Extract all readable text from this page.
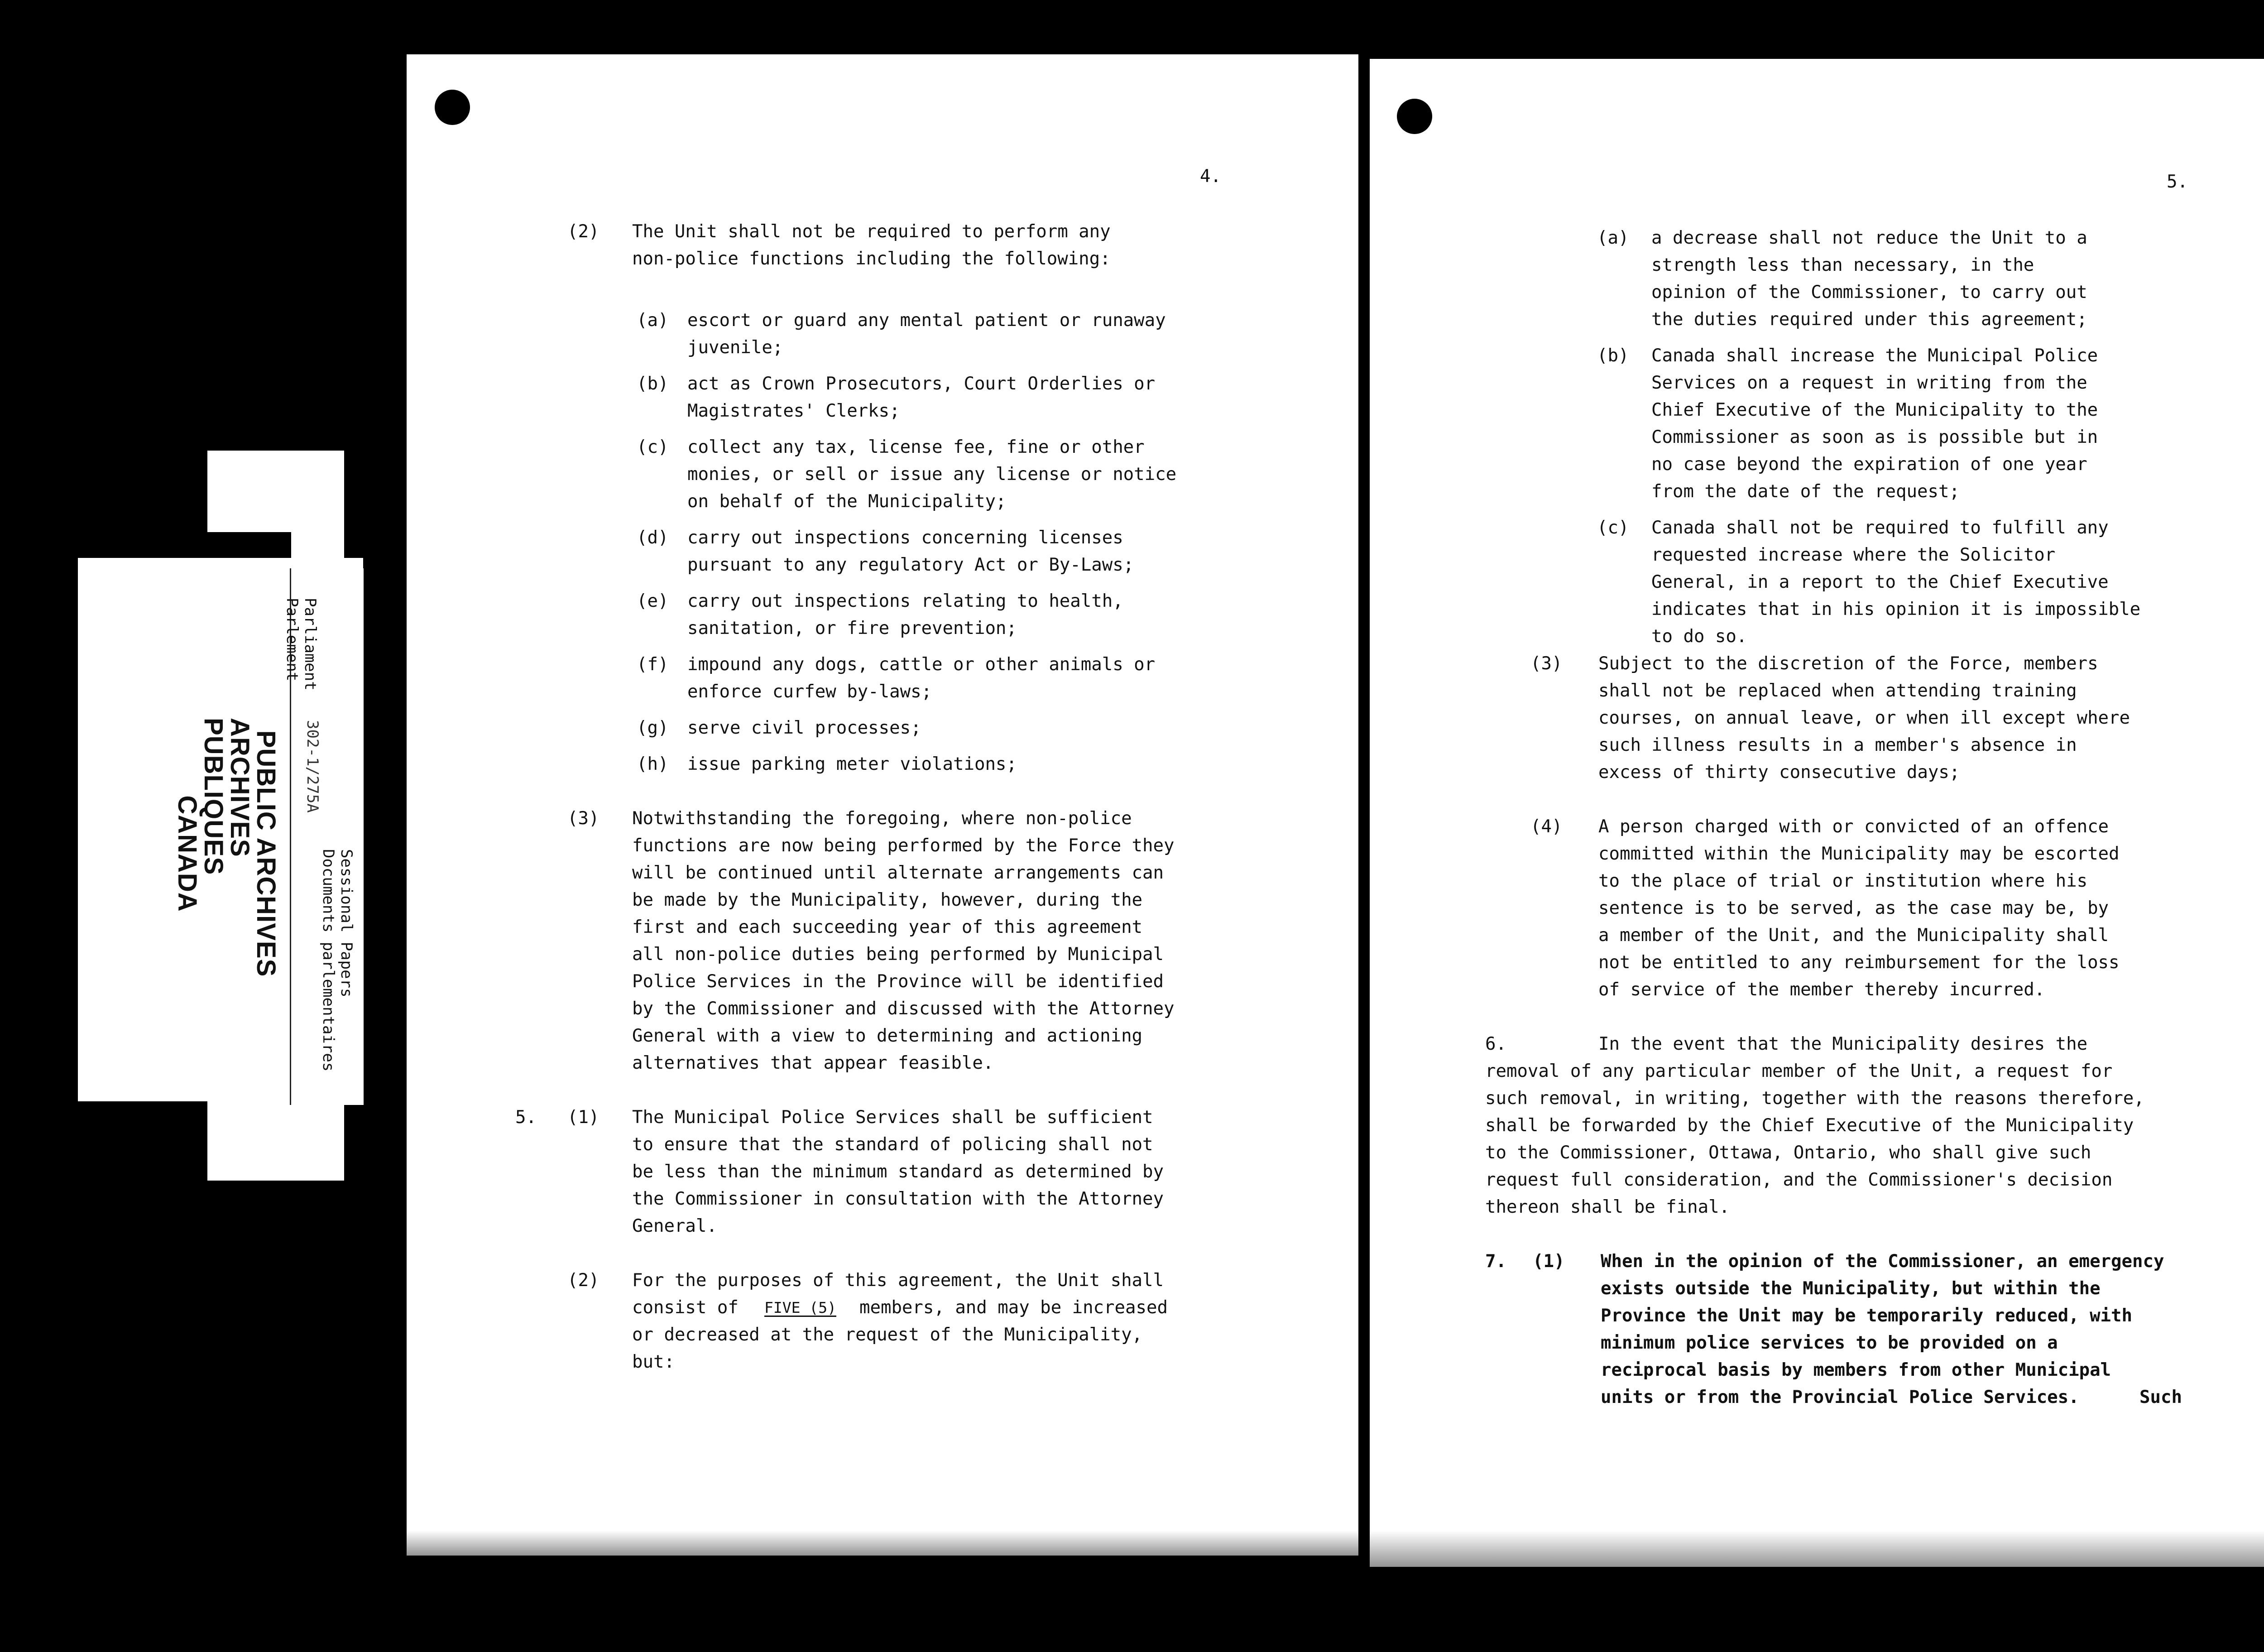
PUBLIC ARCHIVES
ARCHIVES PUBLIQUES
CANADA
Parliament
Parlement
302-1/275A
Sessional Papers
Documents parlementaires
4.
(2) The Unit shall not be required to perform any
non-police functions including the following:
(a) escort or guard any mental patient or runaway
juvenile;
(b) act as Crown Prosecutors, Court Orderlies or
Magistrates' Clerks;
(c) collect any tax, license fee, fine or other
monies, or sell or issue any license or notice
on behalf of the Municipality;
(d) carry out inspections concerning licenses
pursuant to any regulatory Act or By-Laws;
(e) carry out inspections relating to health,
sanitation, or fire prevention;
(f) impound any dogs, cattle or other animals or
enforce curfew by-laws;
(g) serve civil processes;
(h) issue parking meter violations;
(3) Notwithstanding the foregoing, where non-police
functions are now being performed by the Force they
will be continued until alternate arrangements can
be made by the Municipality, however, during the
first and each succeeding year of this agreement
all non-police duties being performed by Municipal
Police Services in the Province will be identified
by the Commissioner and discussed with the Attorney
General with a view to determining and actioning
alternatives that appear feasible.
5. (1) The Municipal Police Services shall be sufficient
to ensure that the standard of policing shall not
be less than the minimum standard as determined by
the Commissioner in consultation with the Attorney
General.
(2) For the purposes of this agreement, the Unit shall
consist of FIVE (5) members, and may be increased
or decreased at the request of the Municipality,
but:
5.
(a) a decrease shall not reduce the Unit to a
strength less than necessary, in the
opinion of the Commissioner, to carry out
the duties required under this agreement;
(b) Canada shall increase the Municipal Police
Services on a request in writing from the
Chief Executive of the Municipality to the
Commissioner as soon as is possible but in
no case beyond the expiration of one year
from the date of the request;
(c) Canada shall not be required to fulfill any
requested increase where the Solicitor
General, in a report to the Chief Executive
indicates that in his opinion it is impossible
to do so.
(3) Subject to the discretion of the Force, members
shall not be replaced when attending training
courses, on annual leave, or when ill except where
such illness results in a member's absence in
excess of thirty consecutive days;
(4) A person charged with or convicted of an offence
committed within the Municipality may be escorted
to the place of trial or institution where his
sentence is to be served, as the case may be, by
a member of the Unit, and the Municipality shall
not be entitled to any reimbursement for the loss
of service of the member thereby incurred.
6.	In the event that the Municipality desires the
removal of any particular member of the Unit, a request for
such removal, in writing, together with the reasons therefore,
shall be forwarded by the Chief Executive of the Municipality
to the Commissioner, Ottawa, Ontario, who shall give such
request full consideration, and the Commissioner's decision
thereon shall be final.
7. (1) When in the opinion of the Commissioner, an emergency
exists outside the Municipality, but within the
Province the Unit may be temporarily reduced, with
minimum police services to be provided on a
reciprocal basis by members from other Municipal
units or from the Provincial Police Services.	Such
